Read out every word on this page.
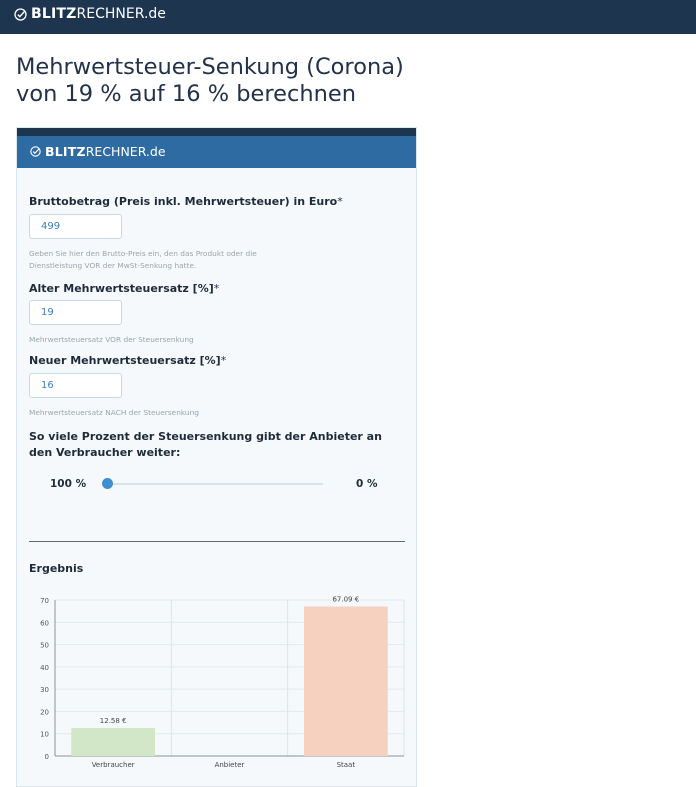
BLITZ RECHNER.de
Mehrwertsteuer-Senkung (Corona)
von 19 % auf 16 % berechnen
BLITZ RECHNER.de
Bruttobetrag (Preis inkl. Mehrwertsteuer) in Euro*
499
Geben Sie hier den Brutto-Preis ein, den das Produkt oder die
Dienstleistung VOR der MwSt-Senkung hatte.
Alter Mehrwertsteuersatz [%]*
19
Mehrwertsteuersatz VOR der Steuersenkung
Neuer Mehrwertsteuersatz [%]*
16
Mehrwertsteuersatz NACH der Steuersenkung
So viele Prozent der Steuersenkung gibt der Anbieter an den Verbraucher weiter:
100 %	0 %
Ergebnis
0
10
20
30
40
50
60
70
12.58 €
Verbraucher	Anbieter
67.09 €
Staat
